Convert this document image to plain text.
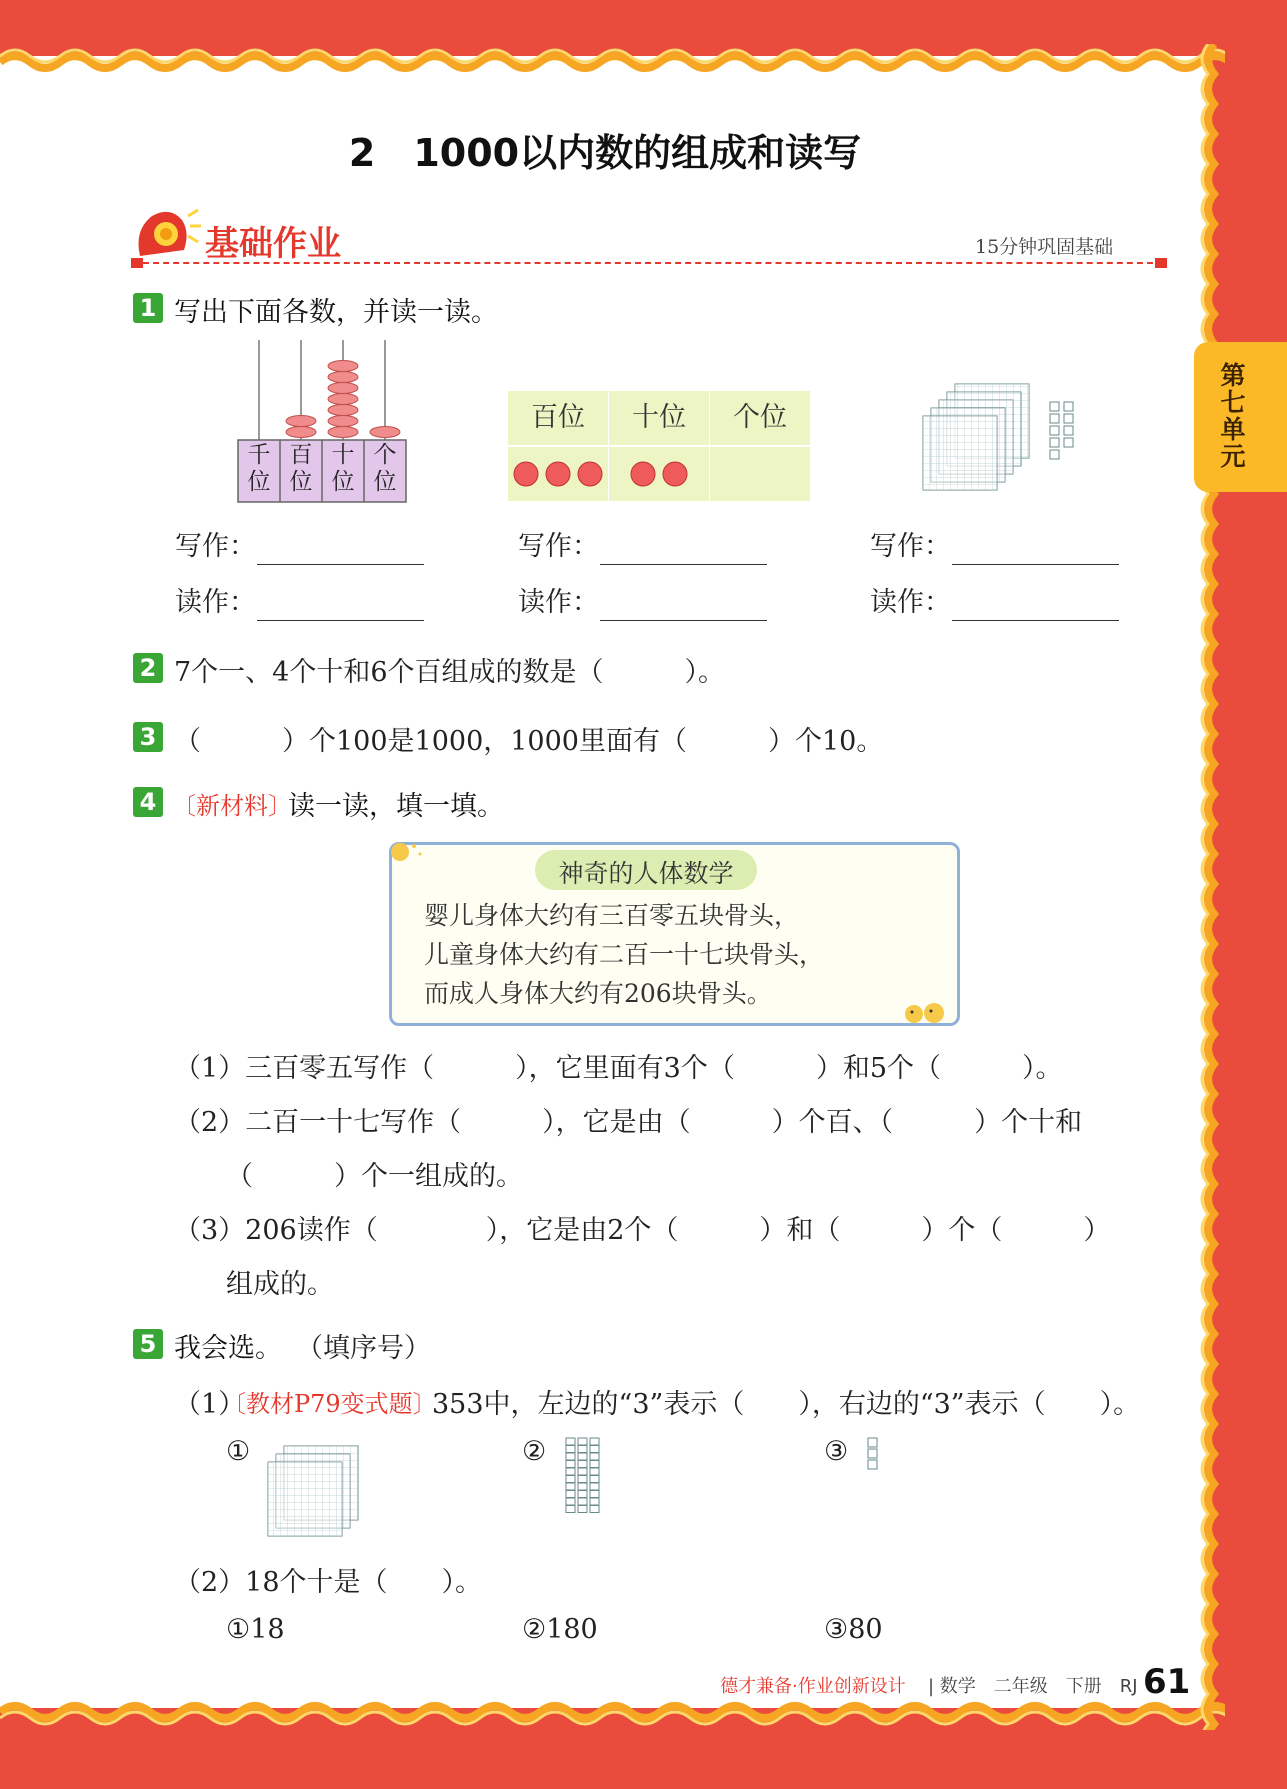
第七单元
2　1000以内数的组成和读写
基础作业	15分钟巩固基础
1 写出下面各数，并读一读。
千位
百位
十位
个位
百位	十位	个位
写作：
读作：
写作：
读作：
写作：
读作：
2 7个一、4个十和6个百组成的数是（　　　）。
3 （　　　）个100是1000，1000里面有（　　　）个10。
4 〔新材料〕
读一读，填一填。
神奇的人体数学
婴儿身体大约有三百零五块骨头，
儿童身体大约有二百一十七块骨头，
而成人身体大约有206块骨头。
（1）三百零五写作（　　　），它里面有3个（　　　）和5个（　　　）。
（2）二百一十七写作（　　　），它是由（　　　）个百、（　　　）个十和
（　　　）个一组成的。
（3）206读作（　　　　），它是由2个（　　　）和（　　　）个（　　　）
组成的。
5 我会选。 （填序号）
（1）
〔教材P79变式题〕
353中，左边的“3”表示（　　），右边的“3”表示（　　）。
①	②	③
（2）18个十是（　　）。
①18	②180	③80
德才兼备·作业创新设计 | 数学　二年级　下册　RJ 61
